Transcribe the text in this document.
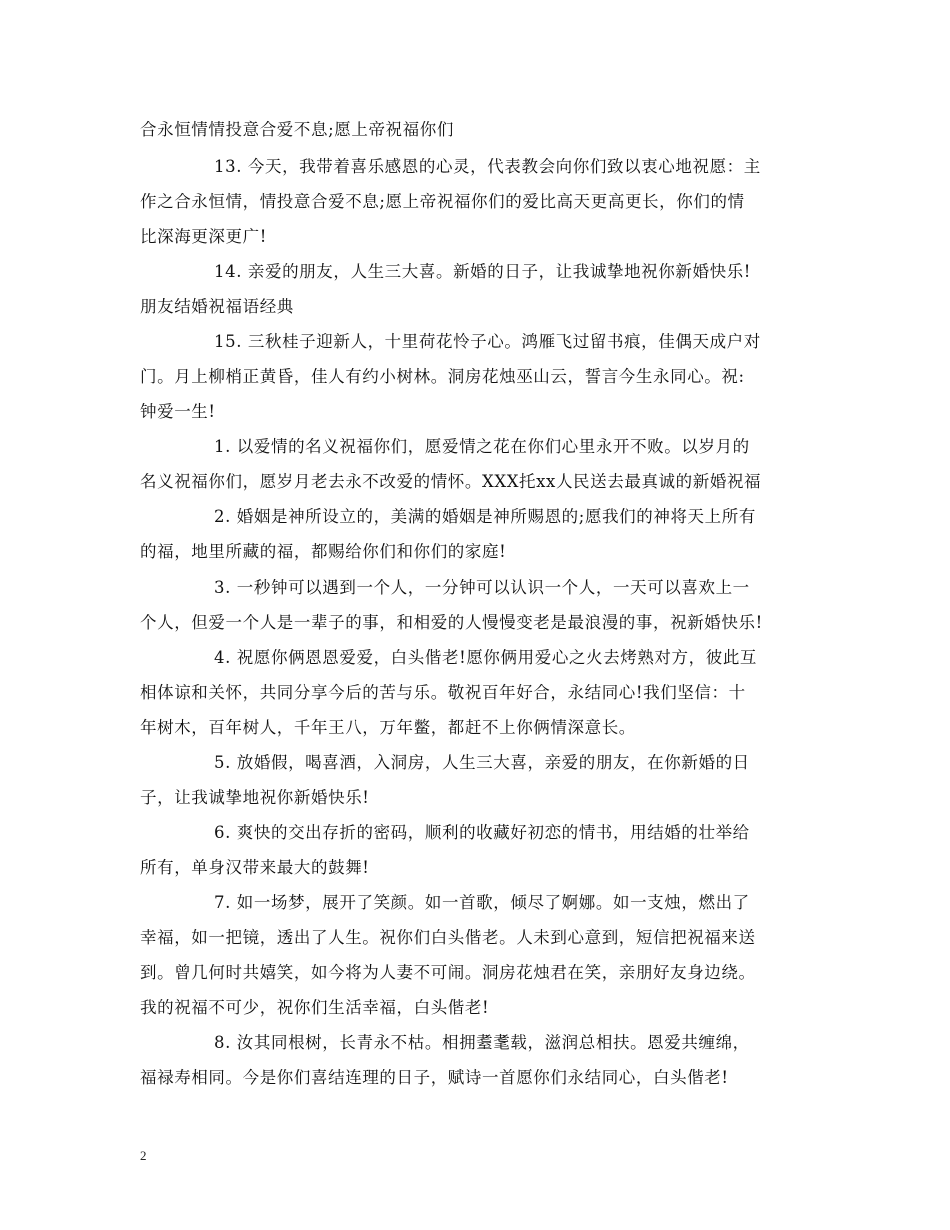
合永恒情情投意合爱不息;愿上帝祝福你们
13. 今天，我带着喜乐感恩的心灵，代表教会向你们致以衷心地祝愿：主
作之合永恒情，情投意合爱不息;愿上帝祝福你们的爱比高天更高更长，你们的情
比深海更深更广!
14. 亲爱的朋友，人生三大喜。新婚的日子，让我诚挚地祝你新婚快乐!
朋友结婚祝福语经典
15. 三秋桂子迎新人，十里荷花怜子心。鸿雁飞过留书痕，佳偶天成户对
门。月上柳梢正黄昏，佳人有约小树林。洞房花烛巫山云，誓言今生永同心。祝:
钟爱一生!
1. 以爱情的名义祝福你们，愿爱情之花在你们心里永开不败。以岁月的
名义祝福你们，愿岁月老去永不改爱的情怀。XXX托xx人民送去最真诚的新婚祝福
2. 婚姻是神所设立的，美满的婚姻是神所赐恩的;愿我们的神将天上所有
的福，地里所藏的福，都赐给你们和你们的家庭!
3. 一秒钟可以遇到一个人，一分钟可以认识一个人，一天可以喜欢上一
个人，但爱一个人是一辈子的事，和相爱的人慢慢变老是最浪漫的事，祝新婚快乐!
4. 祝愿你俩恩恩爱爱，白头偕老!愿你俩用爱心之火去烤熟对方，彼此互
相体谅和关怀，共同分享今后的苦与乐。敬祝百年好合，永结同心!我们坚信：十
年树木，百年树人，千年王八，万年鳖，都赶不上你俩情深意长。
5. 放婚假，喝喜酒，入洞房，人生三大喜，亲爱的朋友，在你新婚的日
子，让我诚挚地祝你新婚快乐!
6. 爽快的交出存折的密码，顺利的收藏好初恋的情书，用结婚的壮举给
所有，单身汉带来最大的鼓舞!
7. 如一场梦，展开了笑颜。如一首歌，倾尽了婀娜。如一支烛，燃出了
幸福，如一把镜，透出了人生。祝你们白头偕老。人未到心意到，短信把祝福来送
到。曾几何时共嬉笑，如今将为人妻不可闹。洞房花烛君在笑，亲朋好友身边绕。
我的祝福不可少，祝你们生活幸福，白头偕老!
8. 汝其同根树，长青永不枯。相拥耋耄载，滋润总相扶。恩爱共缠绵，
福禄寿相同。今是你们喜结连理的日子，赋诗一首愿你们永结同心，白头偕老!
2
